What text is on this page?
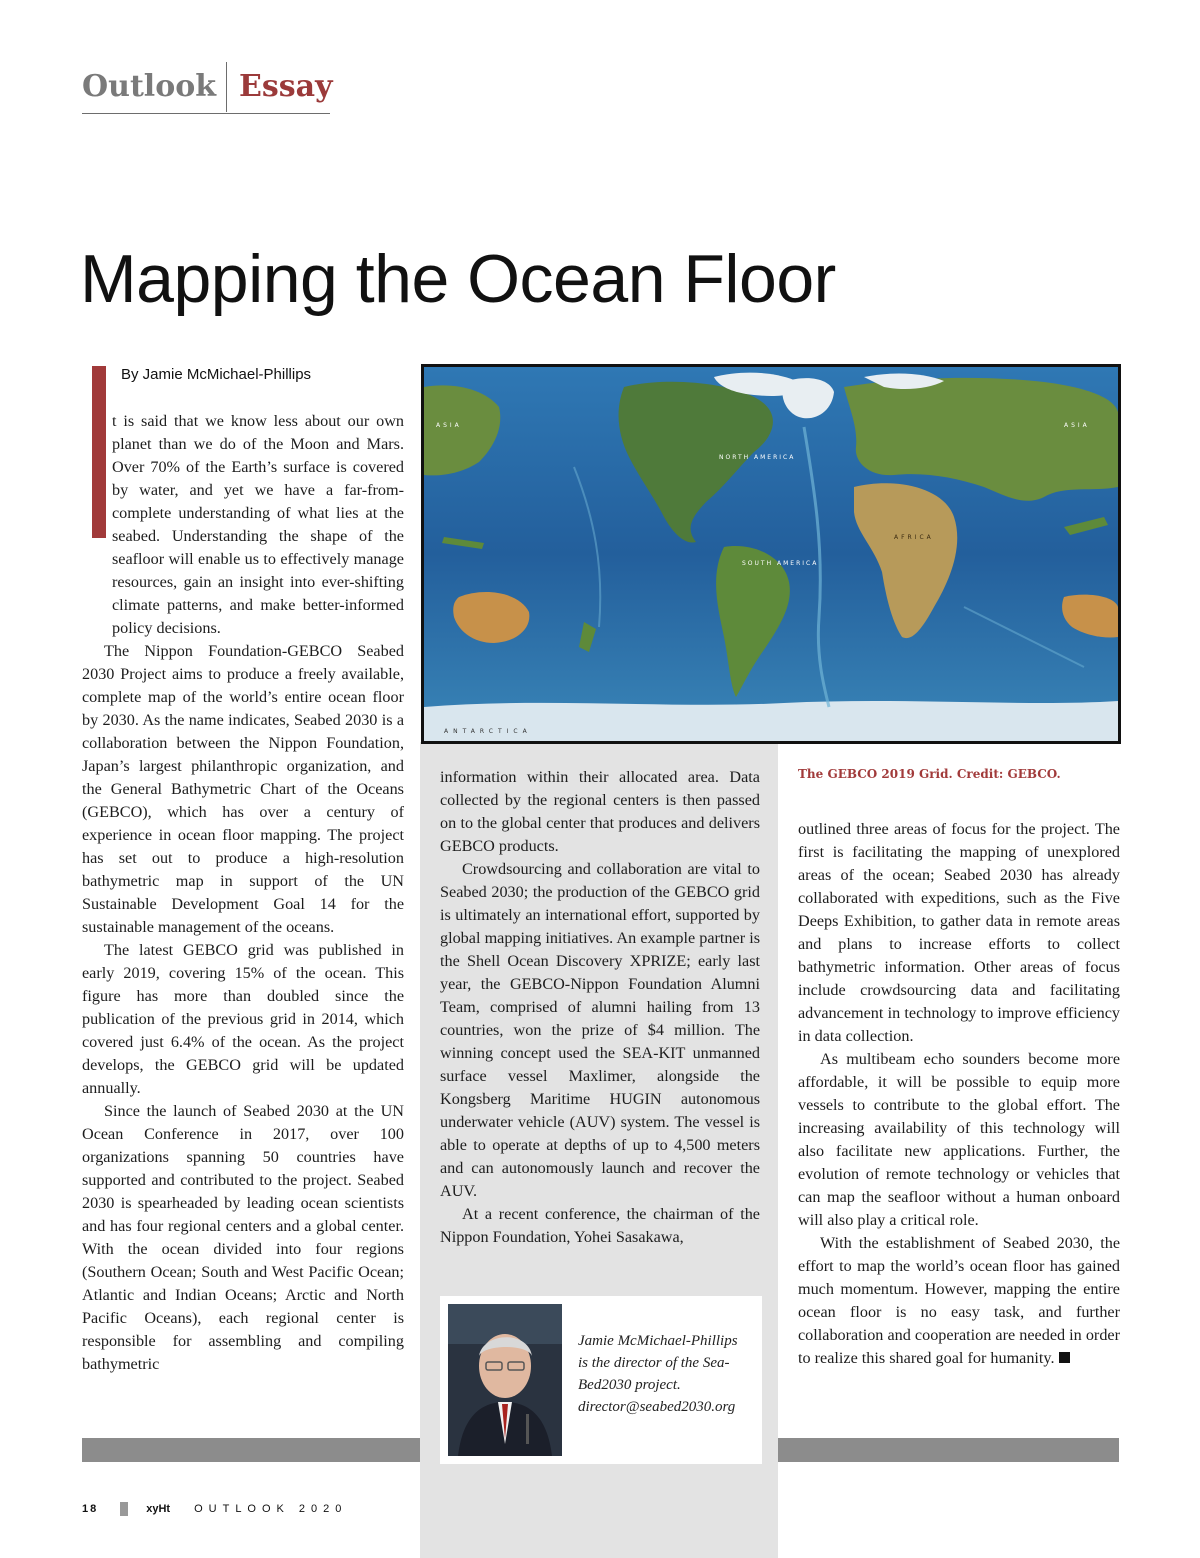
Outlook Essay
Mapping the Ocean Floor
By Jamie McMichael-Phillips

t is said that we know less about our own planet than we do of the Moon and Mars. Over 70% of the Earth’s surface is covered by water, and yet we have a far-from-complete understanding of what lies at the seabed. Understanding the shape of the seafloor will enable us to effectively manage resources, gain an insight into ever-shifting climate patterns, and make better-informed policy decisions.

The Nippon Foundation-GEBCO Seabed 2030 Project aims to produce a freely available, complete map of the world’s entire ocean floor by 2030. As the name indicates, Seabed 2030 is a collaboration between the Nippon Foundation, Japan’s largest philanthropic organization, and the General Bathymetric Chart of the Oceans (GEBCO), which has over a century of experience in ocean floor mapping. The project has set out to produce a high-resolution bathymetric map in support of the UN Sustainable Development Goal 14 for the sustainable management of the oceans.

The latest GEBCO grid was published in early 2019, covering 15% of the ocean. This figure has more than doubled since the publication of the previous grid in 2014, which covered just 6.4% of the ocean. As the project develops, the GEBCO grid will be updated annually.

Since the launch of Seabed 2030 at the UN Ocean Conference in 2017, over 100 organizations spanning 50 countries have supported and contributed to the project. Seabed 2030 is spearheaded by leading ocean scientists and has four regional centers and a global center. With the ocean divided into four regions (Southern Ocean; South and West Pacific Ocean; Atlantic and Indian Oceans; Arctic and North Pacific Oceans), each regional center is responsible for assembling and compiling bathymetric

ASIA
NORTH AMERICA
SOUTH AMERICA
AFRICA
ANTARCTICA
ASIA
The GEBCO 2019 Grid. Credit: GEBCO.

information within their allocated area. Data collected by the regional centers is then passed on to the global center that produces and delivers GEBCO products.

Crowdsourcing and collaboration are vital to Seabed 2030; the production of the GEBCO grid is ultimately an international effort, supported by global mapping initiatives. An example partner is the Shell Ocean Discovery XPRIZE; early last year, the GEBCO-Nippon Foundation Alumni Team, comprised of alumni hailing from 13 countries, won the prize of $4 million. The winning concept used the SEA-KIT unmanned surface vessel Maxlimer, alongside the Kongsberg Maritime HUGIN autonomous underwater vehicle (AUV) system. The vessel is able to operate at depths of up to 4,500 meters and can autonomously launch and recover the AUV.

At a recent conference, the chairman of the Nippon Foundation, Yohei Sasakawa,

outlined three areas of focus for the project. The first is facilitating the mapping of unexplored areas of the ocean; Seabed 2030 has already collaborated with expeditions, such as the Five Deeps Exhibition, to gather data in remote areas and plans to increase efforts to collect bathymetric information. Other areas of focus include crowdsourcing data and facilitating advancement in technology to improve efficiency in data collection.

As multibeam echo sounders become more affordable, it will be possible to equip more vessels to contribute to the global effort. The increasing availability of this technology will also facilitate new applications. Further, the evolution of remote technology or vehicles that can map the seafloor without a human onboard will also play a critical role.

With the establishment of Seabed 2030, the effort to map the world’s ocean floor has gained much momentum. However, mapping the entire ocean floor is no easy task, and further collaboration and cooperation are needed in order to realize this shared goal for humanity.

Jamie McMichael-Phillips
is the director of the Sea-
Bed2030 project.
director@seabed2030.org
18	xyHt OUTLOOK 2020
